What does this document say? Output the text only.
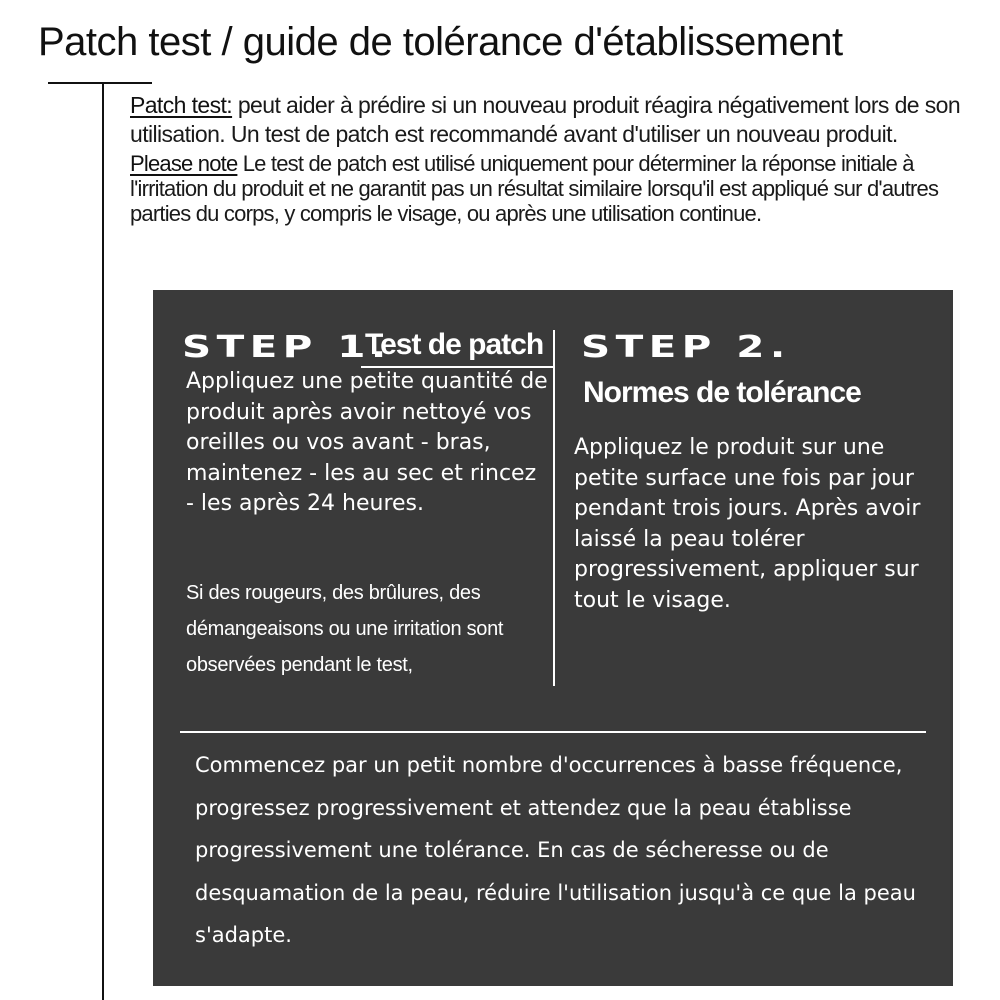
Patch test / guide de tolérance d'établissement

Patch test: peut aider à prédire si un nouveau produit réagira négativement lors de son utilisation. Un test de patch est recommandé avant d'utiliser un nouveau produit.

Please note Le test de patch est utilisé uniquement pour déterminer la réponse initiale à l'irritation du produit et ne garantit pas un résultat similaire lorsqu'il est appliqué sur d'autres parties du corps, y compris le visage, ou après une utilisation continue.

STEP 1.
Test de patch

Appliquez une petite quantité de produit après avoir nettoyé vos oreilles ou vos avant - bras, maintenez - les au sec et rincez - les après 24 heures.

Si des rougeurs, des brûlures, des démangeaisons ou une irritation sont observées pendant le test,

STEP 2.
Normes de tolérance

Appliquez le produit sur une petite surface une fois par jour pendant trois jours. Après avoir laissé la peau tolérer progressivement, appliquer sur tout le visage.

Commencez par un petit nombre d'occurrences à basse fréquence, progressez progressivement et attendez que la peau établisse progressivement une tolérance. En cas de sécheresse ou de desquamation de la peau, réduire l'utilisation jusqu'à ce que la peau s'adapte.
